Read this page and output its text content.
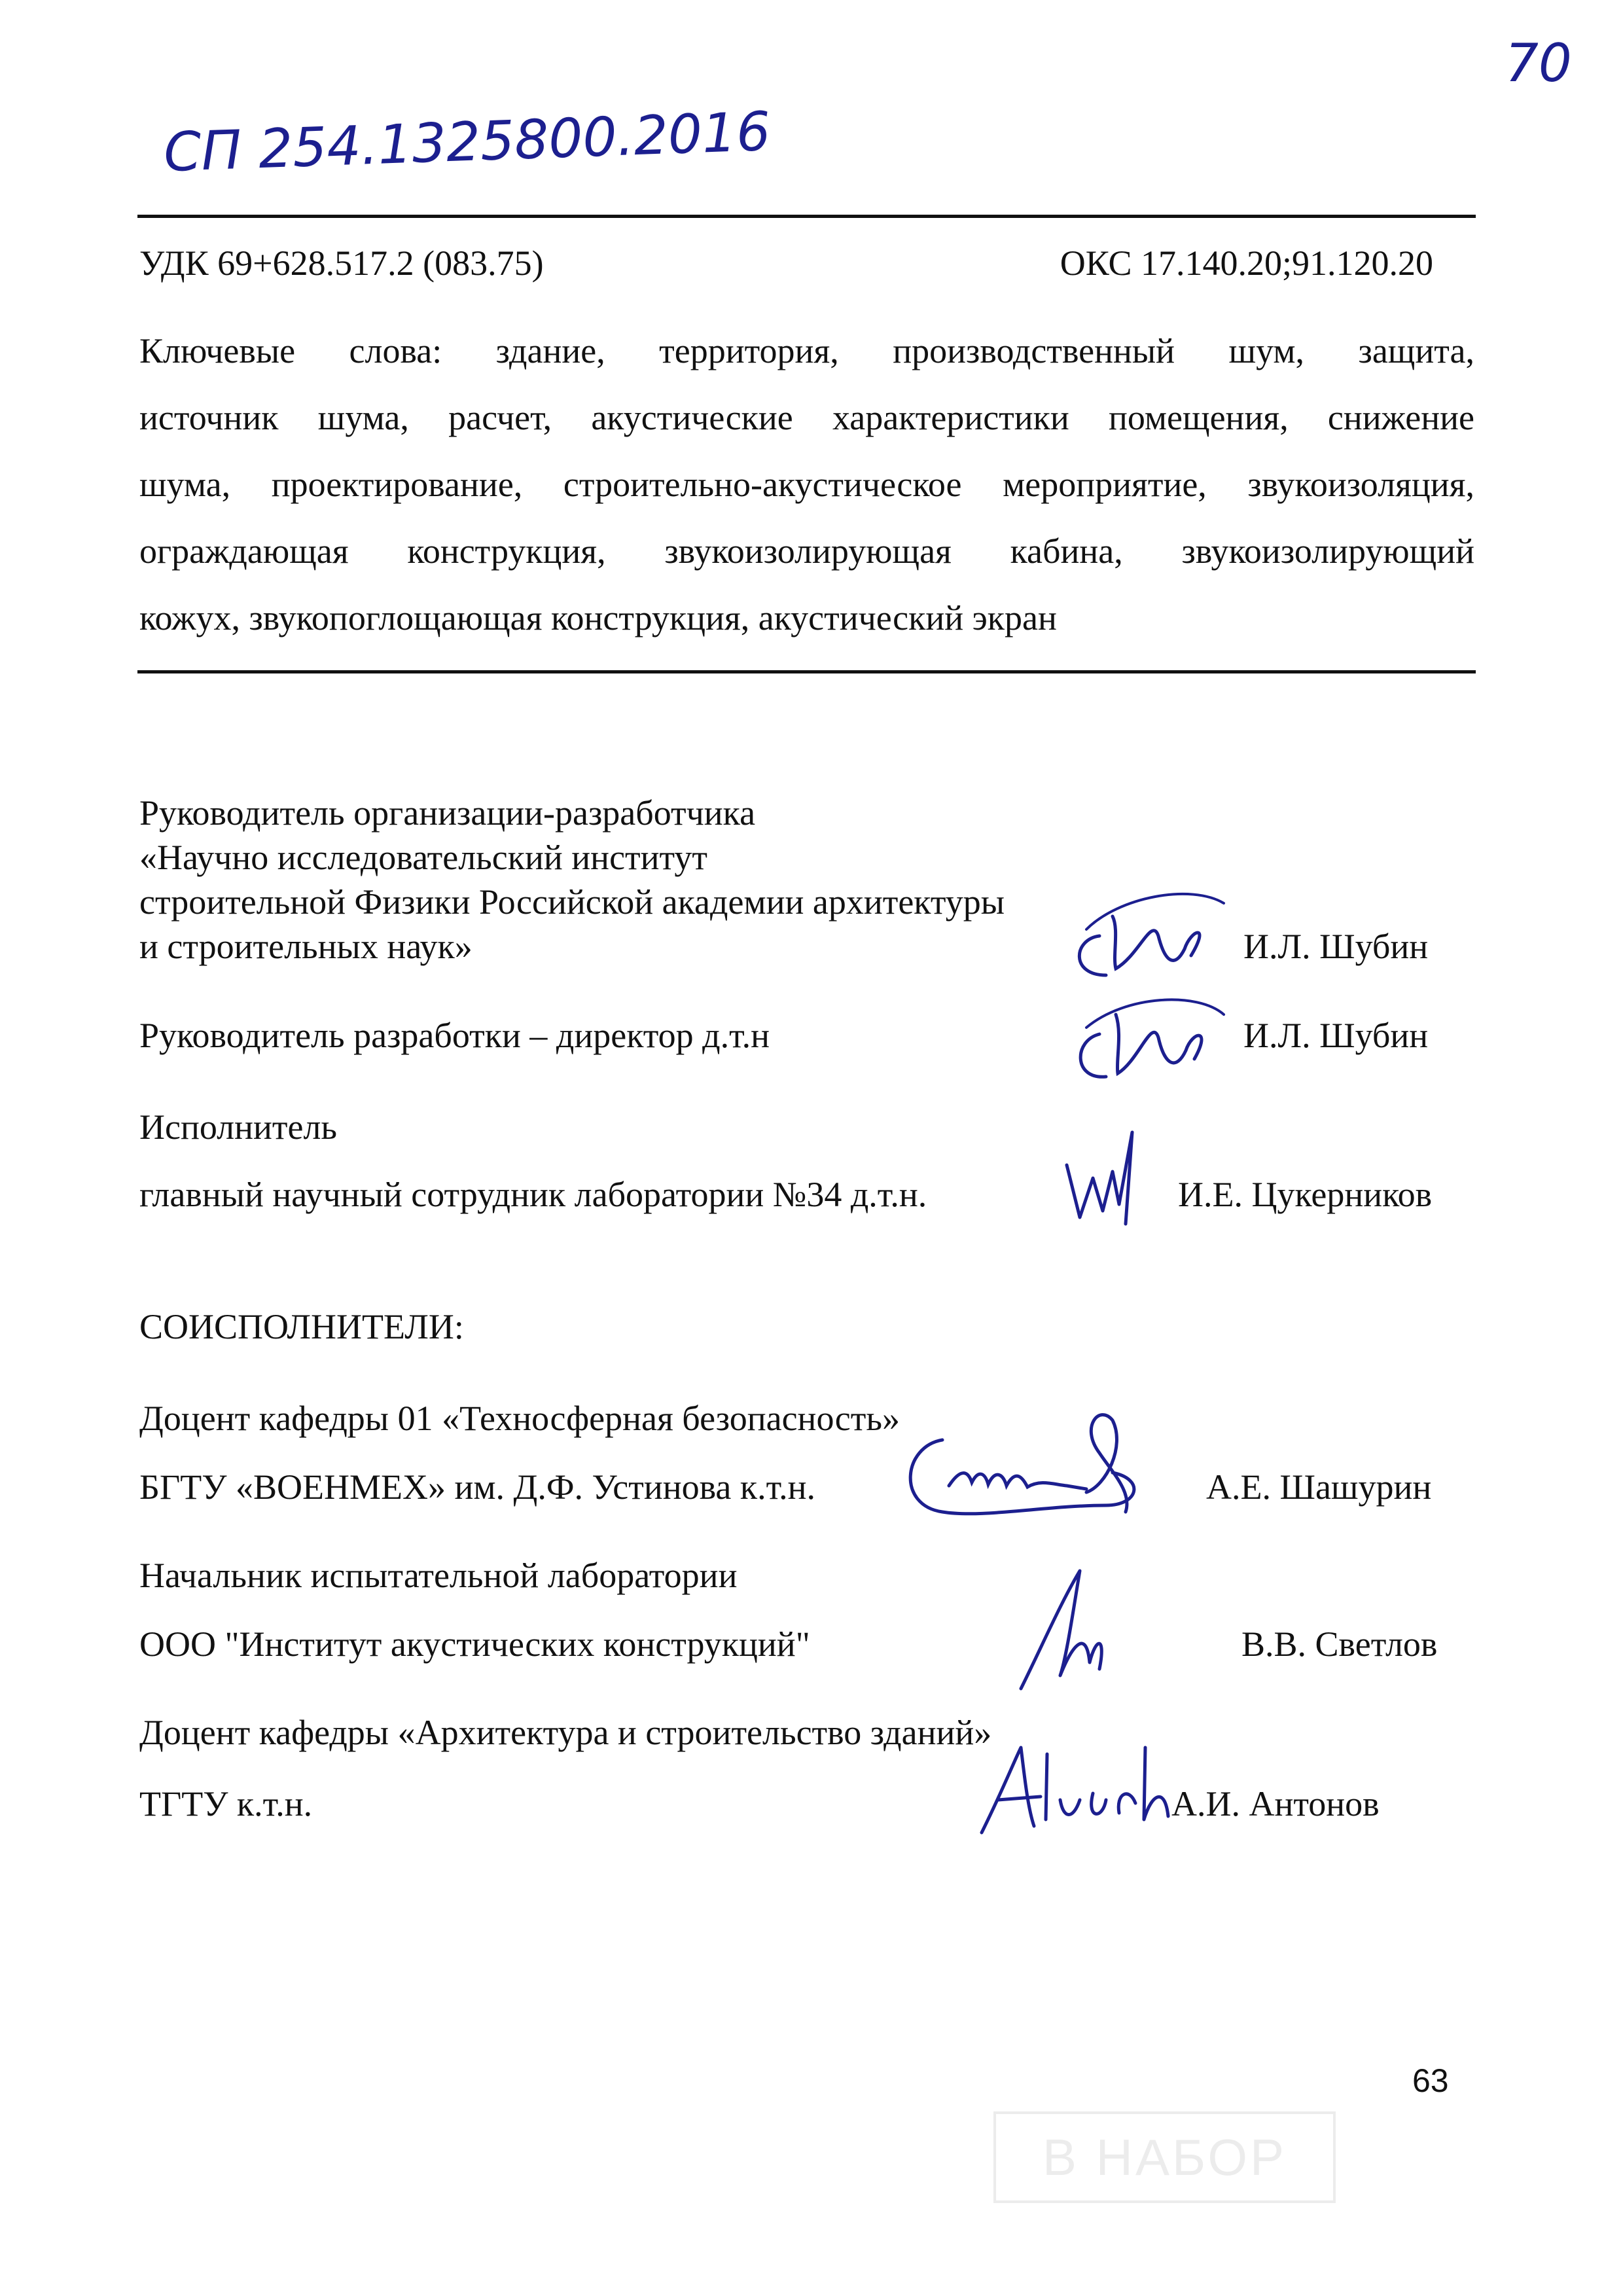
70
СП 254.1325800.2016
УДК 69+628.517.2 (083.75)	ОКС 17.140.20;91.120.20
Ключевые слова: здание, территория, производственный шум, защита,
источник шума, расчет, акустические характеристики помещения, снижение
шума, проектирование, строительно-акустическое мероприятие, звукоизоляция,
ограждающая конструкция, звукоизолирующая кабина, звукоизолирующий
кожух, звукопоглощающая конструкция, акустический экран
Руководитель организации-разработчика
«Научно исследовательский институт
строительной Физики Российской академии архитектуры
и строительных наук»	И.Л. Шубин
Руководитель разработки – директор д.т.н	И.Л. Шубин
Исполнитель
главный научный сотрудник лаборатории №34 д.т.н.	И.Е. Цукерников
СОИСПОЛНИТЕЛИ:
Доцент кафедры 01 «Техносферная безопасность»
БГТУ «ВОЕНМЕХ» им. Д.Ф. Устинова к.т.н.	А.Е. Шашурин
Начальник испытательной лаборатории
ООО "Институт акустических конструкций"	В.В. Светлов
Доцент кафедры «Архитектура и строительство зданий»
ТГТУ к.т.н.	А.И. Антонов
63
В НАБОР
